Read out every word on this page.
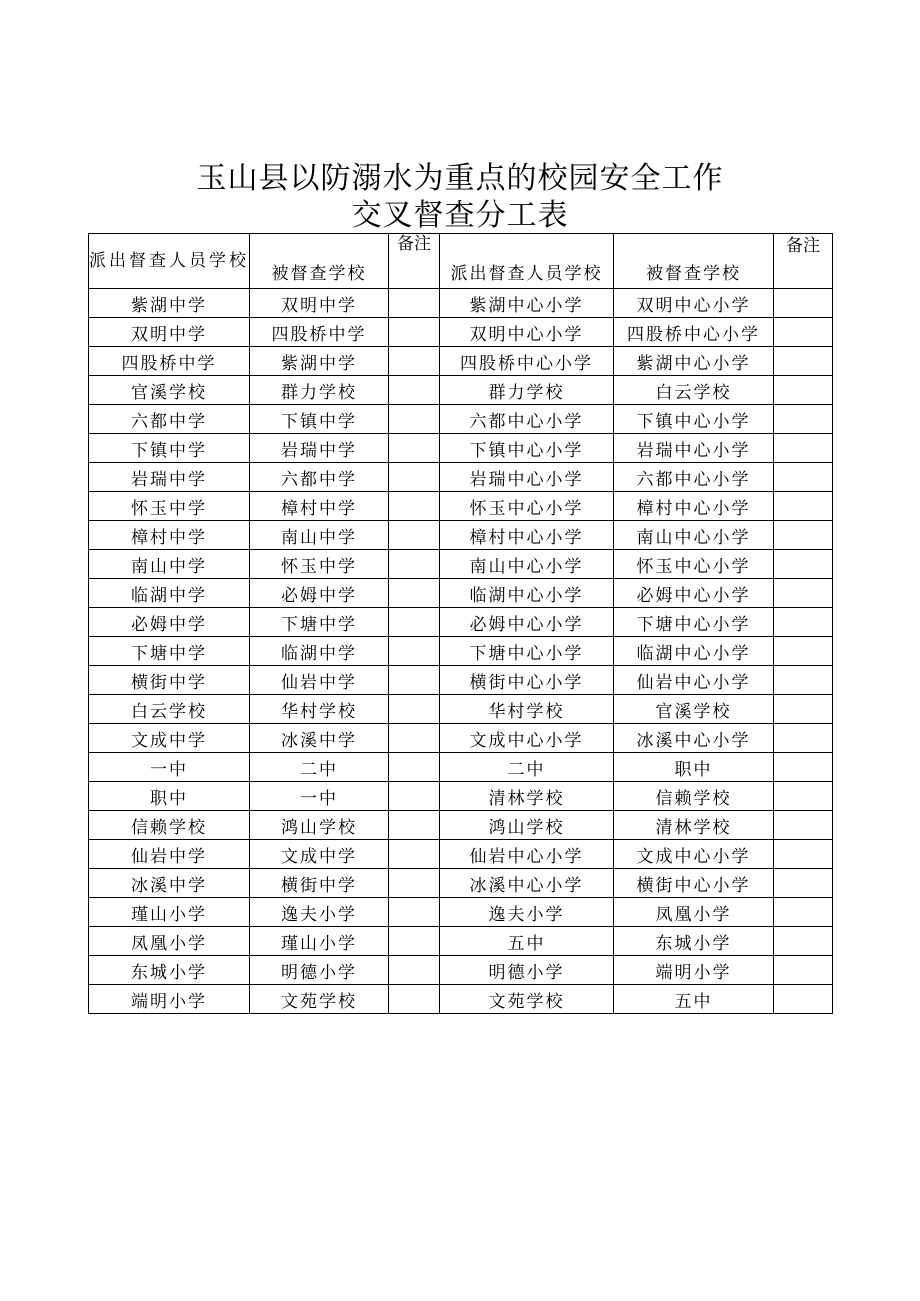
玉山县以防溺水为重点的校园安全工作
交叉督查分工表
派出督查人员学校	被督查学校	备注	派出督查人员学校	被督查学校	备注
紫湖中学	双明中学		紫湖中心小学	双明中心小学	
双明中学	四股桥中学		双明中心小学	四股桥中心小学	
四股桥中学	紫湖中学		四股桥中心小学	紫湖中心小学	
官溪学校	群力学校		群力学校	白云学校	
六都中学	下镇中学		六都中心小学	下镇中心小学	
下镇中学	岩瑞中学		下镇中心小学	岩瑞中心小学	
岩瑞中学	六都中学		岩瑞中心小学	六都中心小学	
怀玉中学	樟村中学		怀玉中心小学	樟村中心小学	
樟村中学	南山中学		樟村中心小学	南山中心小学	
南山中学	怀玉中学		南山中心小学	怀玉中心小学	
临湖中学	必姆中学		临湖中心小学	必姆中心小学	
必姆中学	下塘中学		必姆中心小学	下塘中心小学	
下塘中学	临湖中学		下塘中心小学	临湖中心小学	
横街中学	仙岩中学		横街中心小学	仙岩中心小学	
白云学校	华村学校		华村学校	官溪学校	
文成中学	冰溪中学		文成中心小学	冰溪中心小学	
一中	二中		二中	职中	
职中	一中		清林学校	信赖学校	
信赖学校	鸿山学校		鸿山学校	清林学校	
仙岩中学	文成中学		仙岩中心小学	文成中心小学	
冰溪中学	横街中学		冰溪中心小学	横街中心小学	
瑾山小学	逸夫小学		逸夫小学	凤凰小学	
凤凰小学	瑾山小学		五中	东城小学	
东城小学	明德小学		明德小学	端明小学	
端明小学	文苑学校		文苑学校	五中	
